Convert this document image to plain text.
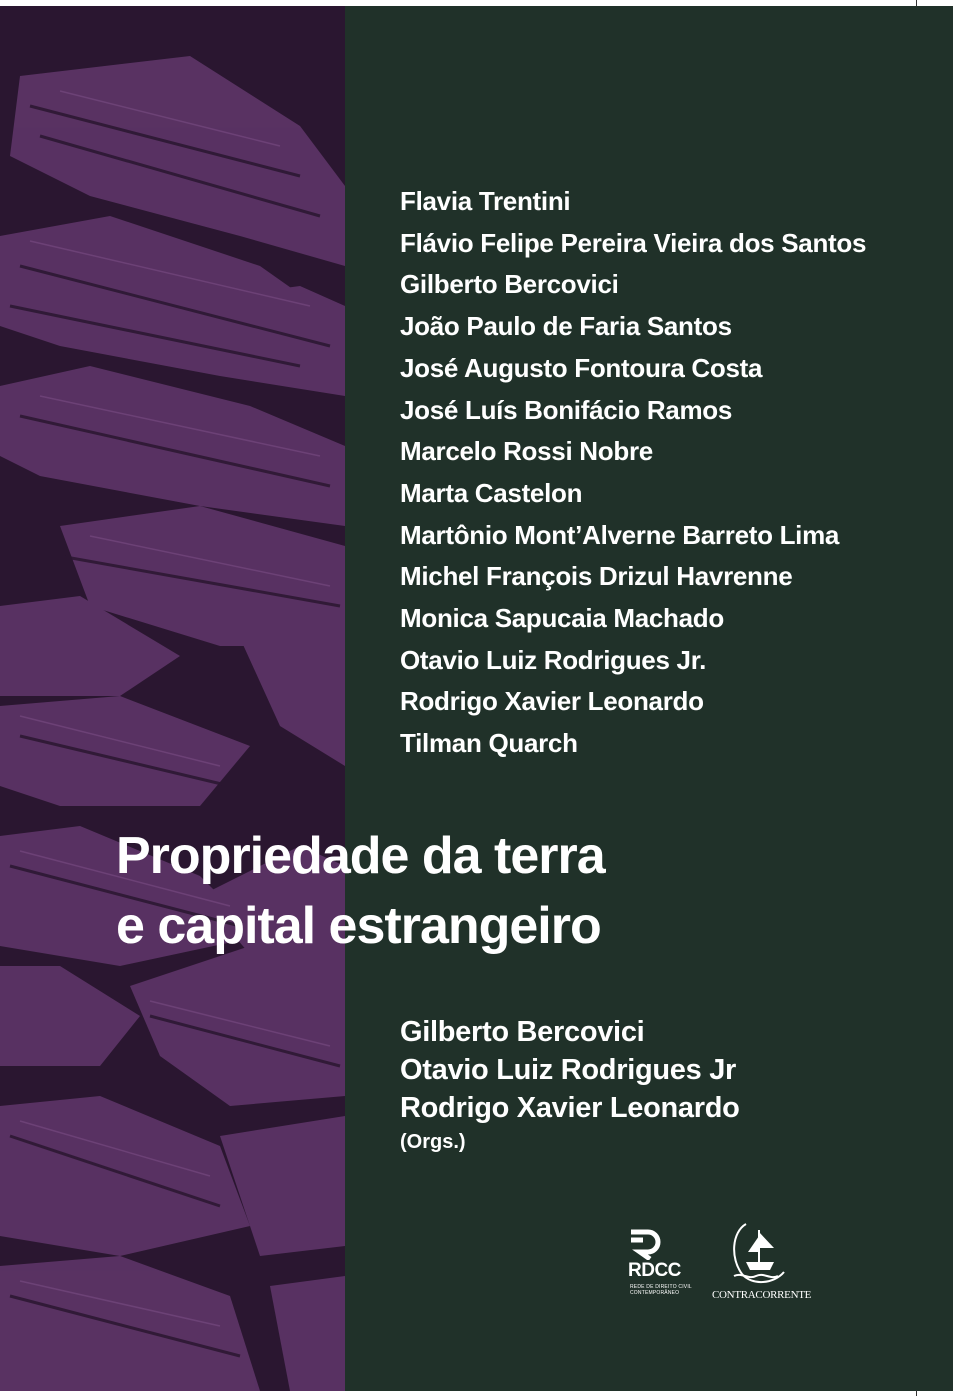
Flavia Trentini
Flávio Felipe Pereira Vieira dos Santos
Gilberto Bercovici
João Paulo de Faria Santos
José Augusto Fontoura Costa
José Luís Bonifácio Ramos
Marcelo Rossi Nobre
Marta Castelon
Martônio Mont’Alverne Barreto Lima
Michel François Drizul Havrenne
Monica Sapucaia Machado
Otavio Luiz Rodrigues Jr.
Rodrigo Xavier Leonardo
Tilman Quarch
Propriedade da terra
e capital estrangeiro
Gilberto Bercovici
Otavio Luiz Rodrigues Jr
Rodrigo Xavier Leonardo
(Orgs.)
RDCC
REDE DE DIREITO CIVIL CONTEMPORÂNEO	CONTRACORRENTE
